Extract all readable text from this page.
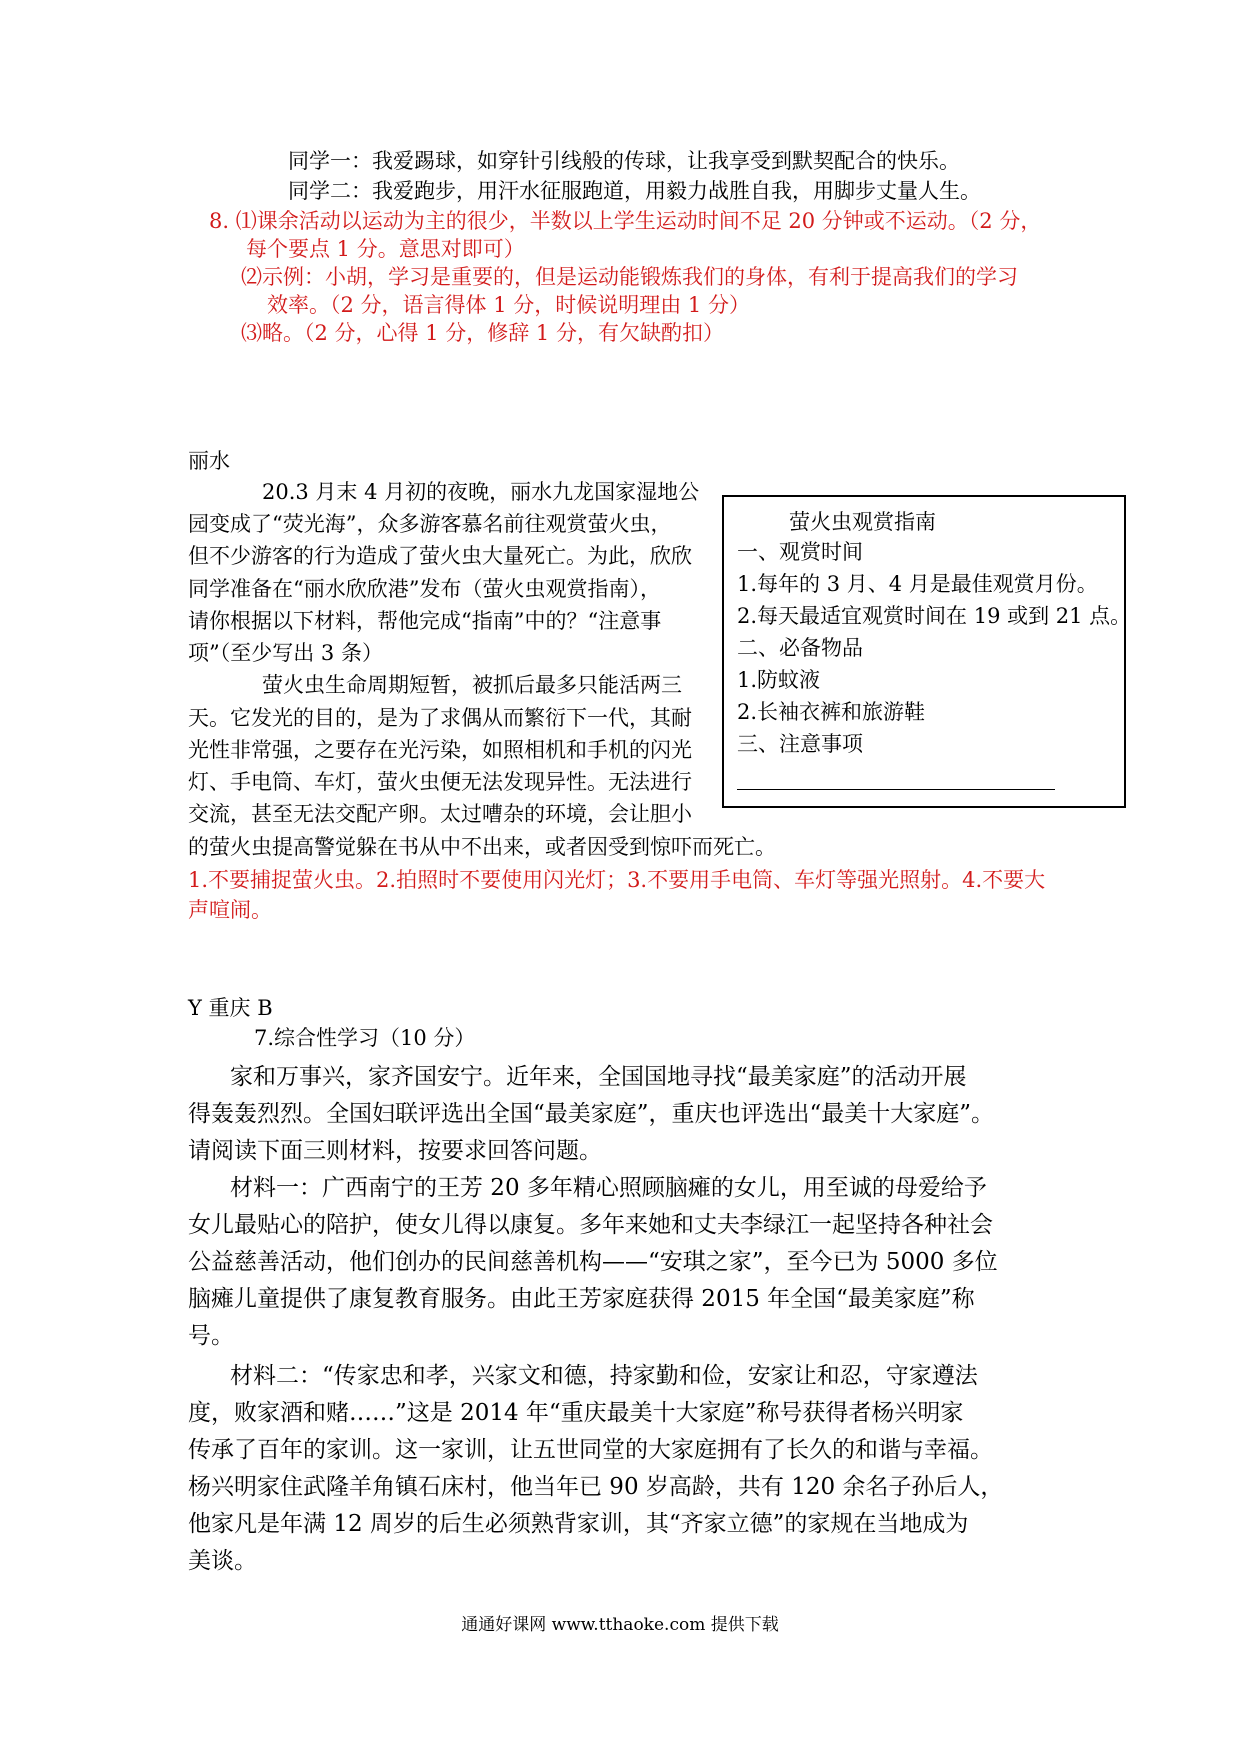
同学一：我爱踢球，如穿针引线般的传球，让我享受到默契配合的快乐。
同学二：我爱跑步，用汗水征服跑道，用毅力战胜自我，用脚步丈量人生。
8. ⑴课余活动以运动为主的很少，半数以上学生运动时间不足 20 分钟或不运动。（2 分，
每个要点 1 分。意思对即可）
⑵示例：小胡，学习是重要的，但是运动能锻炼我们的身体，有利于提高我们的学习
效率。（2 分，语言得体 1 分，时候说明理由 1 分）
⑶略。（2 分，心得 1 分，修辞 1 分，有欠缺酌扣）
丽水
20.3 月末 4 月初的夜晚，丽水九龙国家湿地公
园变成了“荧光海”，众多游客慕名前往观赏萤火虫，
但不少游客的行为造成了萤火虫大量死亡。为此，欣欣
同学准备在“丽水欣欣港”发布（萤火虫观赏指南），
请你根据以下材料，帮他完成“指南”中的？“注意事
项”（至少写出 3 条）
萤火虫生命周期短暂，被抓后最多只能活两三
天。它发光的目的，是为了求偶从而繁衍下一代，其耐
光性非常强，之要存在光污染，如照相机和手机的闪光
灯、手电筒、车灯，萤火虫便无法发现异性。无法进行
交流，甚至无法交配产卵。太过嘈杂的环境，会让胆小
的萤火虫提高警觉躲在书从中不出来，或者因受到惊吓而死亡。
1.不要捕捉萤火虫。2.拍照时不要使用闪光灯；3.不要用手电筒、车灯等强光照射。4.不要大
声喧闹。
萤火虫观赏指南
一、观赏时间
1.每年的 3 月、4 月是最佳观赏月份。
2.每天最适宜观赏时间在 19 或到 21 点。
二、必备物品
1.防蚊液
2.长袖衣裤和旅游鞋
三、注意事项
Y 重庆 B
7.综合性学习（10 分）
家和万事兴，家齐国安宁。近年来，全国国地寻找“最美家庭”的活动开展
得轰轰烈烈。全国妇联评选出全国“最美家庭”，重庆也评选出“最美十大家庭”。
请阅读下面三则材料，按要求回答问题。
材料一：广西南宁的王芳 20 多年精心照顾脑瘫的女儿，用至诚的母爱给予
女儿最贴心的陪护，使女儿得以康复。多年来她和丈夫李绿江一起坚持各种社会
公益慈善活动，他们创办的民间慈善机构——“安琪之家”，至今已为 5000 多位
脑瘫儿童提供了康复教育服务。由此王芳家庭获得 2015 年全国“最美家庭”称
号。
材料二：“传家忠和孝，兴家文和德，持家勤和俭，安家让和忍，守家遵法
度，败家酒和赌……”这是 2014 年“重庆最美十大家庭”称号获得者杨兴明家
传承了百年的家训。这一家训，让五世同堂的大家庭拥有了长久的和谐与幸福。
杨兴明家住武隆羊角镇石床村，他当年已 90 岁高龄，共有 120 余名子孙后人，
他家凡是年满 12 周岁的后生必须熟背家训，其“齐家立德”的家规在当地成为
美谈。
通通好课网 www.tthaoke.com 提供下载
